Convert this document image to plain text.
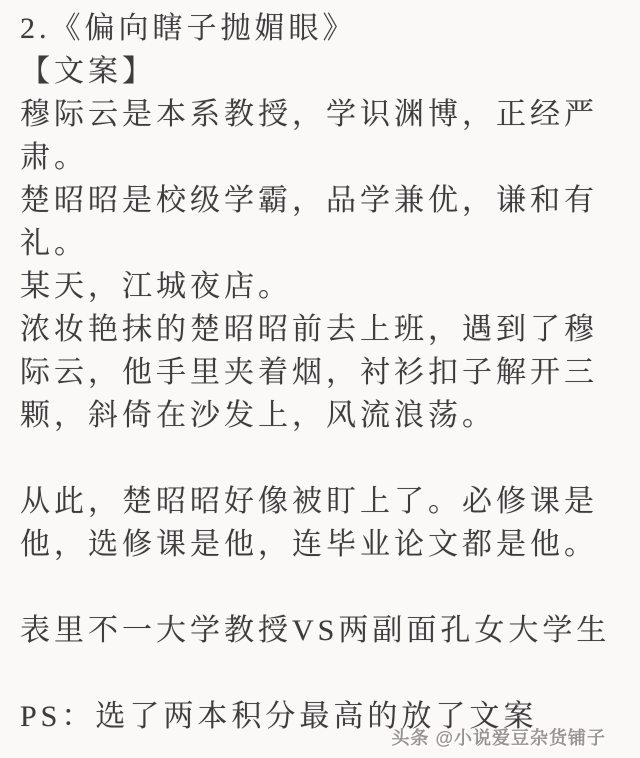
2.《偏向瞎子抛媚眼》

【文案】

穆际云是本系教授，学识渊博，正经严肃。

楚昭昭是校级学霸，品学兼优，谦和有礼。

某天，江城夜店。

浓妆艳抹的楚昭昭前去上班，遇到了穆际云，他手里夹着烟，衬衫扣子解开三颗，斜倚在沙发上，风流浪荡。

从此，楚昭昭好像被盯上了。必修课是他，选修课是他，连毕业论文都是他。

表里不一大学教授VS两副面孔女大学生

PS：选了两本积分最高的放了文案

头条 @小说爱豆杂货铺子
